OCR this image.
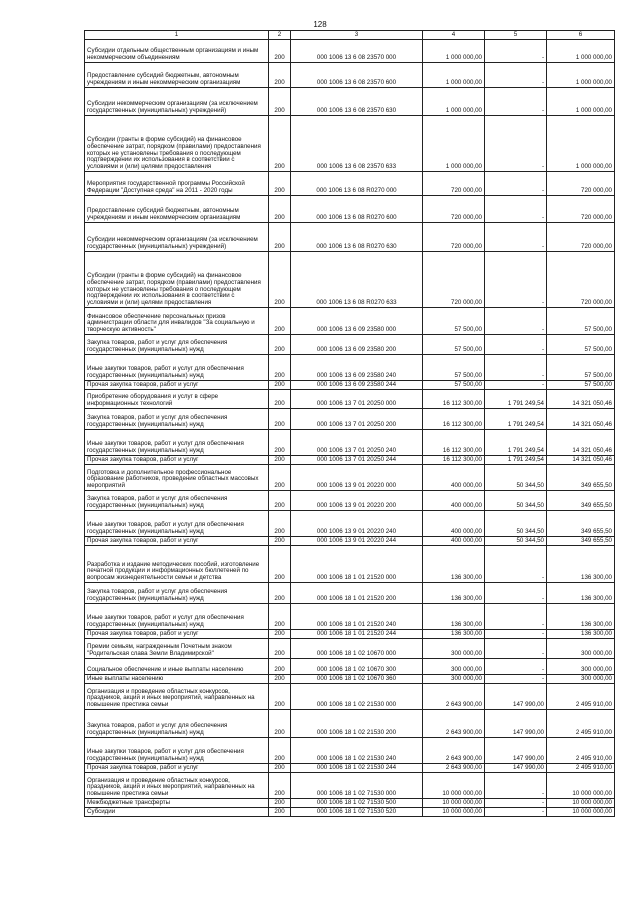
128
1	2	3	4	5	6
Субсидии отдельным общественным организациям и иным некоммерческим объединениям	200	000 1006 13 6 08 23570 000	1 000 000,00	-	1 000 000,00
Предоставление субсидий бюджетным, автономным учреждениям и иным некоммерческим организациям	200	000 1006 13 6 08 23570 600	1 000 000,00	-	1 000 000,00
Субсидии некоммерческим организациям (за исключением государственных (муниципальных) учреждений)	200	000 1006 13 6 08 23570 630	1 000 000,00	-	1 000 000,00
Субсидии (гранты в форме субсидий) на финансовое обеспечение затрат, порядком (правилами) предоставления которых не установлены требования о последующем подтверждении их использования в соответствии с условиями и (или) целями предоставления	200	000 1006 13 6 08 23570 633	1 000 000,00	-	1 000 000,00
Мероприятия государственной программы Российской Федерации "Доступная среда" на 2011 - 2020 годы	200	000 1006 13 6 08 R0270 000	720 000,00	-	720 000,00
Предоставление субсидий бюджетным, автономным учреждениям и иным некоммерческим организациям	200	000 1006 13 6 08 R0270 600	720 000,00	-	720 000,00
Субсидии некоммерческим организациям (за исключением государственных (муниципальных) учреждений)	200	000 1006 13 6 08 R0270 630	720 000,00	-	720 000,00
Субсидии (гранты в форме субсидий) на финансовое обеспечение затрат, порядком (правилами) предоставления которых не установлены требования о последующем подтверждении их использования в соответствии с условиями и (или) целями предоставления	200	000 1006 13 6 08 R0270 633	720 000,00	-	720 000,00
Финансовое обеспечение персональных призов администрации области для инвалидов "За социальную и творческую активность"	200	000 1006 13 6 09 23580 000	57 500,00	-	57 500,00
Закупка товаров, работ и услуг для обеспечения государственных (муниципальных) нужд	200	000 1006 13 6 09 23580 200	57 500,00	-	57 500,00
Иные закупки товаров, работ и услуг для обеспечения государственных (муниципальных) нужд	200	000 1006 13 6 09 23580 240	57 500,00	-	57 500,00
Прочая закупка товаров, работ и услуг	200	000 1006 13 6 09 23580 244	57 500,00	-	57 500,00
Приобретение оборудования и услуг в сфере информационных технологий	200	000 1006 13 7 01 20250 000	16 112 300,00	1 791 249,54	14 321 050,46
Закупка товаров, работ и услуг для обеспечения государственных (муниципальных) нужд	200	000 1006 13 7 01 20250 200	16 112 300,00	1 791 249,54	14 321 050,46
Иные закупки товаров, работ и услуг для обеспечения государственных (муниципальных) нужд	200	000 1006 13 7 01 20250 240	16 112 300,00	1 791 249,54	14 321 050,46
Прочая закупка товаров, работ и услуг	200	000 1006 13 7 01 20250 244	16 112 300,00	1 791 249,54	14 321 050,46
Подготовка и дополнительное профессиональное образование работников, проведение областных массовых мероприятий	200	000 1006 13 9 01 20220 000	400 000,00	50 344,50	349 655,50
Закупка товаров, работ и услуг для обеспечения государственных (муниципальных) нужд	200	000 1006 13 9 01 20220 200	400 000,00	50 344,50	349 655,50
Иные закупки товаров, работ и услуг для обеспечения государственных (муниципальных) нужд	200	000 1006 13 9 01 20220 240	400 000,00	50 344,50	349 655,50
Прочая закупка товаров, работ и услуг	200	000 1006 13 9 01 20220 244	400 000,00	50 344,50	349 655,50
Разработка и издание методических пособий, изготовление печатной продукции и информационных бюллетеней по вопросам жизнедеятельности семьи и детства	200	000 1006 18 1 01 21520 000	136 300,00	-	136 300,00
Закупка товаров, работ и услуг для обеспечения государственных (муниципальных) нужд	200	000 1006 18 1 01 21520 200	136 300,00	-	136 300,00
Иные закупки товаров, работ и услуг для обеспечения государственных (муниципальных) нужд	200	000 1006 18 1 01 21520 240	136 300,00	-	136 300,00
Прочая закупка товаров, работ и услуг	200	000 1006 18 1 01 21520 244	136 300,00	-	136 300,00
Премии семьям, награжденным Почетным знаком "Родительская слава Земли Владимирской"	200	000 1006 18 1 02 10670 000	300 000,00	-	300 000,00
Социальное обеспечение и иные выплаты населению	200	000 1006 18 1 02 10670 300	300 000,00	-	300 000,00
Иные выплаты населению	200	000 1006 18 1 02 10670 360	300 000,00	-	300 000,00
Организация и проведение областных конкурсов, праздников, акций и иных мероприятий, направленных на повышение престижа семьи	200	000 1006 18 1 02 21530 000	2 643 900,00	147 990,00	2 495 910,00
Закупка товаров, работ и услуг для обеспечения государственных (муниципальных) нужд	200	000 1006 18 1 02 21530 200	2 643 900,00	147 990,00	2 495 910,00
Иные закупки товаров, работ и услуг для обеспечения государственных (муниципальных) нужд	200	000 1006 18 1 02 21530 240	2 643 900,00	147 990,00	2 495 910,00
Прочая закупка товаров, работ и услуг	200	000 1006 18 1 02 21530 244	2 643 900,00	147 990,00	2 495 910,00
Организация и проведение областных конкурсов, праздников, акций и иных мероприятий, направленных на повышение престижа семьи	200	000 1006 18 1 02 71530 000	10 000 000,00	-	10 000 000,00
Межбюджетные трансферты	200	000 1006 18 1 02 71530 500	10 000 000,00	-	10 000 000,00
Субсидии	200	000 1006 18 1 02 71530 520	10 000 000,00	-	10 000 000,00
